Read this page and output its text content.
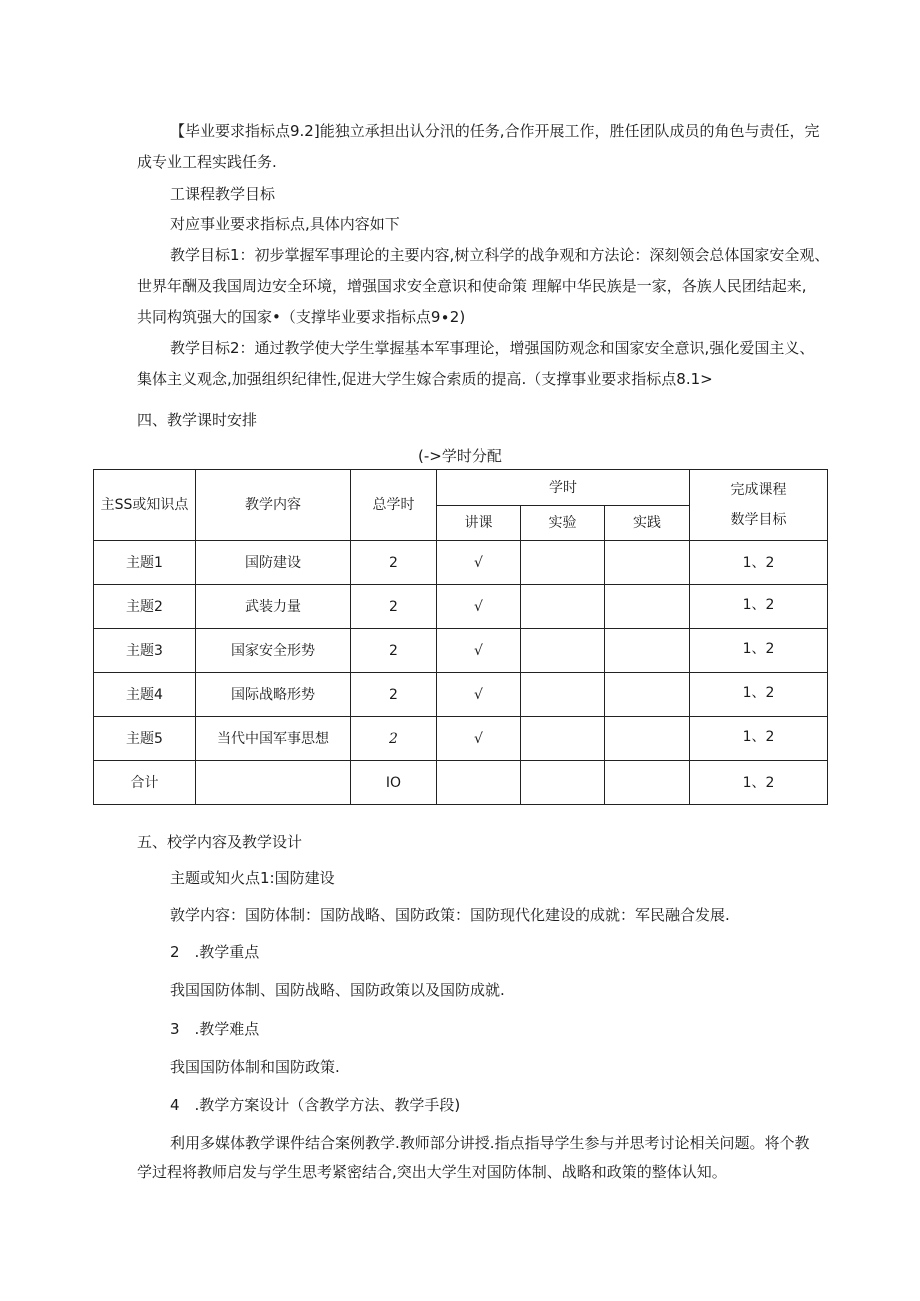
【毕业要求指标点9.2]能独立承担出认分汛的任务,合作开展工作，胜任团队成员的角色与责任，完
成专业工程实践任务.
工课程教学目标
对应事业要求指标点,具体内容如下
教学目标1：初步掌握军事理论的主要内容,树立科学的战争观和方法论：深刻领会总体国家安全观、
世界年酬及我国周边安全环境，增强国求安全意识和使命策 理解中华民族是一家，各族人民团结起来,
共同构筑强大的国家•（支撑毕业要求指标点9∙2)
教学目标2：通过教学使大学生掌握基本军事理论，增强国防观念和国家安全意识,强化爱国主义、
集体主义观念,加强组织纪律性,促进大学生嫁合索质的提高.（支撑事业要求指标点8.1>
四、教学课时安排
(->学时分配
主SS或知识点	教学内容	总学时	学时			完成课程
数学目标

			讲课	实验	实践	
主题1	国防建设	2	√			1、2
主题2	武装力量	2	√			1、2
主题3	国家安全形势	2	√			1、2
主题4	国际战略形势	2	√			1、2
主题5	当代中国军事思想	2	√			1、2
合计		IO				1、2
五、校学内容及教学设计
主题或知火点1:国防建设
敦学内容：国防体制：国防战略、国防政策：国防现代化建设的成就：军民融合发展.
2　.教学重点
我国国防体制、国防战略、国防政策以及国防成就.
3　.教学难点
我国国防体制和国防政策.
4　.教学方案设计（含教学方法、教学手段)
利用多媒体教学课件结合案例教学.教师部分讲授.指点指导学生参与并思考讨论相关问题。将个教
学过程将教师启发与学生思考紧密结合,突出大学生对国防体制、战略和政策的整体认知。
